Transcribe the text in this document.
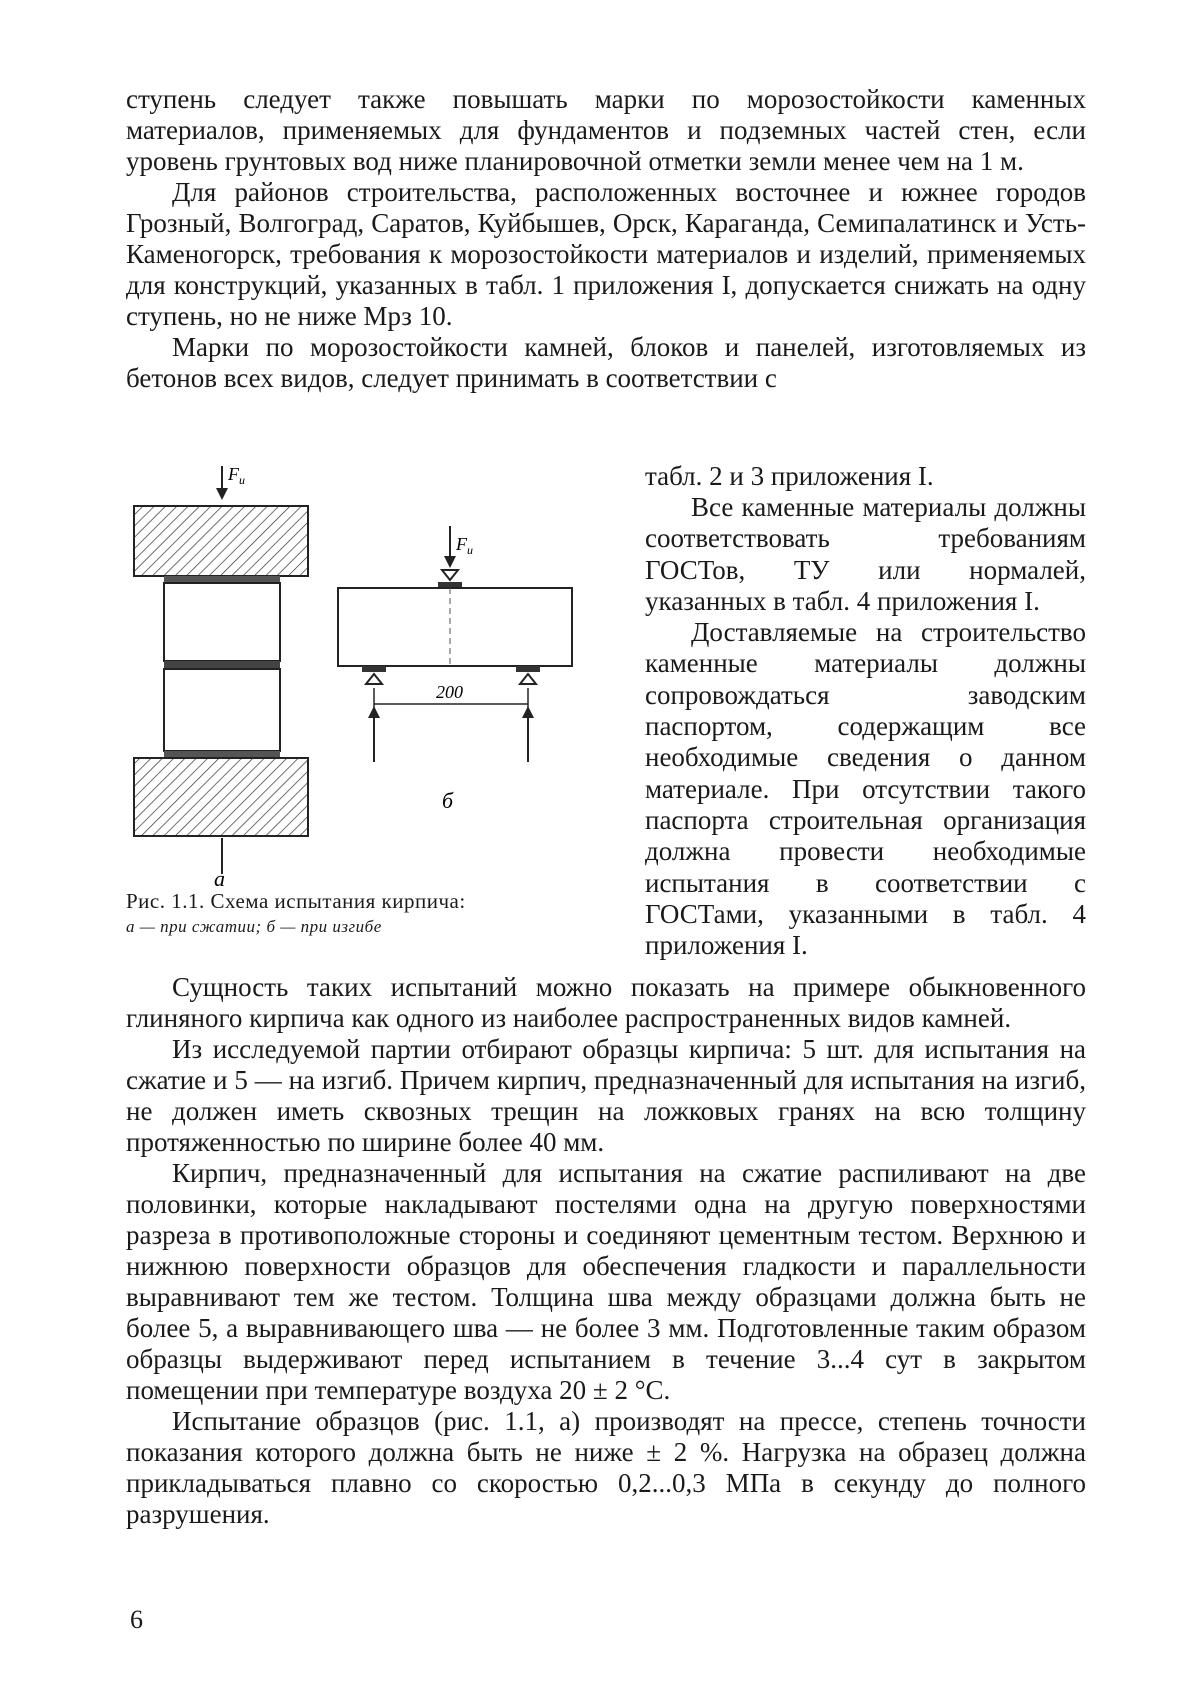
ступень следует также повышать марки по морозостойкости каменных материалов, применяемых для фундаментов и подземных частей стен, если уровень грунтовых вод ниже планировочной отметки земли менее чем на 1 м.

Для районов строительства, расположенных восточнее и южнее городов Грозный, Волгоград, Саратов, Куйбышев, Орск, Караганда, Семипалатинск и Усть-Каменогорск, требования к морозостойкости материалов и изделий, применяемых для конструкций, указанных в табл. 1 приложения I, допускается снижать на одну ступень, но не ниже Мрз 10.

Марки по морозостойкости камней, блоков и панелей, изготовляемых из бетонов всех видов, следует принимать в соответствии с

табл. 2 и 3 приложения I.
$F_u$
а
$F_u$
200
б
Рис. 1.1. Схема испытания кирпича:
а — при сжатии; б — при изгибе

Все каменные материалы должны соответствовать требованиям ГОСТов, ТУ или нормалей, указанных в табл. 4 приложения I.

Доставляемые на строительство каменные материалы должны сопровождаться заводским паспортом, содержащим все необходимые сведения о данном материале. При отсутствии такого паспорта строительная организация должна провести необходимые испытания в соответствии с ГОСТами, указанными в табл. 4 приложения I.

Сущность таких испытаний можно показать на примере обыкновенного глиняного кирпича как одного из наиболее распространенных видов камней.

Из исследуемой партии отбирают образцы кирпича: 5 шт. для испытания на сжатие и 5 — на изгиб. Причем кирпич, предназначенный для испытания на изгиб, не должен иметь сквозных трещин на ложковых гранях на всю толщину протяженностью по ширине более 40 мм.

Кирпич, предназначенный для испытания на сжатие распиливают на две половинки, которые накладывают постелями одна на другую поверхностями разреза в противоположные стороны и соединяют цементным тестом. Верхнюю и нижнюю поверхности образцов для обеспечения гладкости и параллельности выравнивают тем же тестом. Толщина шва между образцами должна быть не более 5, а выравнивающего шва — не более 3 мм. Подготовленные таким образом образцы выдерживают перед испытанием в течение 3...4 сут в закрытом помещении при температуре воздуха 20 ± 2 °С.

Испытание образцов (рис. 1.1, а) производят на прессе, степень точности показания которого должна быть не ниже ± 2 %. Нагрузка на образец должна прикладываться плавно со скоростью 0,2...0,3 МПа в секунду до полного разрушения.

6
